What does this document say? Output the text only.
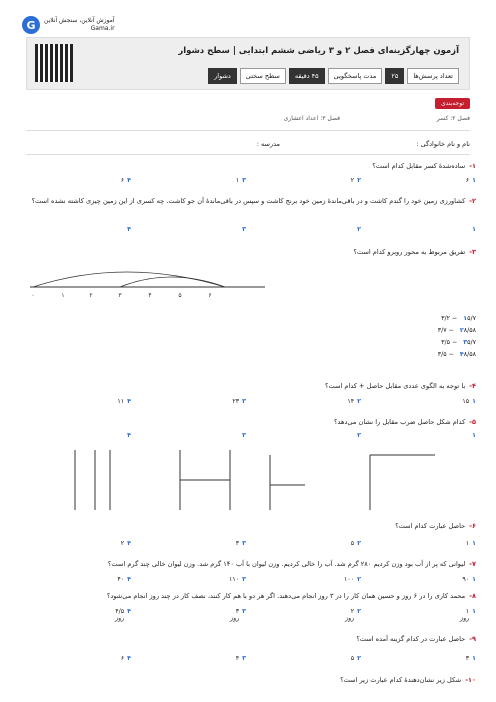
G	آموزش آنلاین، سنجش آنلاین
Gama.ir
آزمون چهارگزینه‌ای فصل ۲ و ۳ ریاضی ششم ابتدایی | سطح دشوار
تعداد پرسش‌ها
۲۵
مدت پاسخگویی
۴۵ دقیقه
سطح سختی
دشوار
توجه‌بندی
فصل ۲: کسر
فصل ۳: اعداد اعشاری
نام و نام خانوادگی :
مدرسه :
۱-ساده‌شدهٔ کسر مقابل کدام است؟
۱
۶
۲
۲
۳
۱
۴
۶
۲-کشاورزی زمین خود را گندم کاشت و در باقی‌ماندهٔ زمین خود برنج کاشت و سپس در باقی‌ماندهٔ آن جو کاشت. چه کسری از این زمین چیزی کاشته نشده است؟
۱
۲
۳
۴
۳-تفریق مربوط به محور روبرو کدام است؟
۰	۱	۲	۳	۴	۵	۶
۱۵/۷ − ۳/۲
۲۸/۵۸ − ۳/۷
۳۵/۷ − ۳/۵
۴۸/۵۸ − ۳/۵
۴-با توجه به الگوی عددی مقابل حاصل + کدام است؟
۱
۱۵
۲
۱۴
۳
۲۳
۴
۱۱
۵-کدام شکل حاصل ضرب مقابل را نشان می‌دهد؟
۱
۲
۳
۴
۶-حاصل عبارت کدام است؟
۱
۱
۲
۵
۳
۳
۴
۲
۷-لیوانی که پر از آب بود وزن کردیم ۲۸۰ گرم شد. آب را خالی کردیم. وزن لیوان با آب ۱۴۰ گرم شد. وزن لیوان خالی چند گرم است؟
۱
۹۰
۲
۱۰۰
۳
۱۱۰
۴
۴۰
۸-محمد کاری را در ۶ روز و حسین همان کار را در ۳ روز انجام می‌دهند. اگر هر دو با هم کار کنند، نصف کار در چند روز انجام می‌شود؟
۱
۱ روز
۲
۲ روز
۳
۳ روز
۴
۴/۵ روز
۹-حاصل عبارت در کدام گزینه آمده است؟
۱
۳
۲
۵
۳
۴
۴
۶
۱۰-شکل زیر نشان‌دهندهٔ کدام عبارت زیر است؟
